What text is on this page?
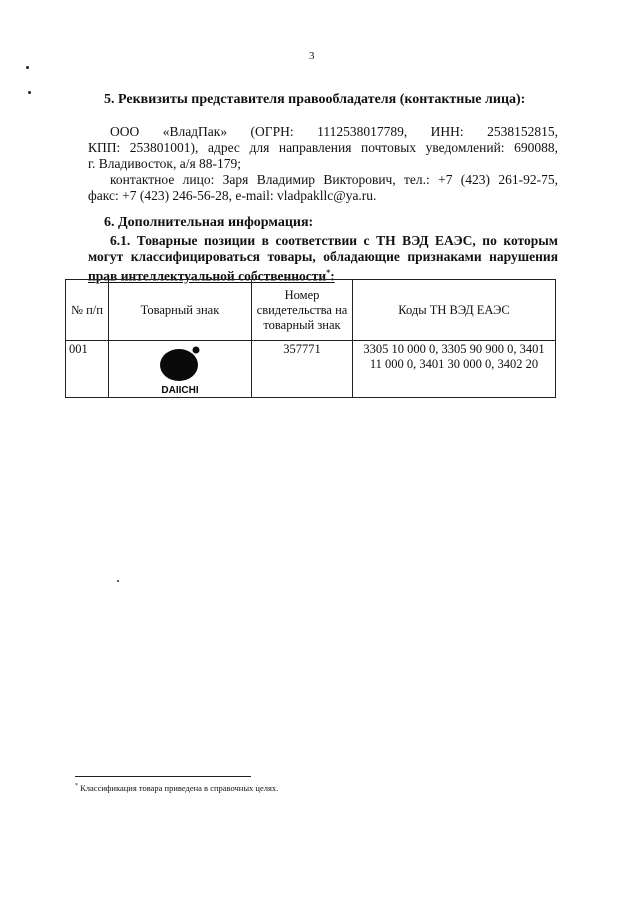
3
5. Реквизиты представителя правообладателя (контактные лица):
ООО «ВладПак» (ОГРН: 1112538017789, ИНН: 2538152815,
КПП: 253801001), адрес для направления почтовых уведомлений: 690088,
г. Владивосток, а/я 88-179;
контактное лицо: Заря Владимир Викторович, тел.: +7 (423) 261-92-75,
факс: +7 (423) 246-56-28, e-mail: vladpakllc@ya.ru.
6. Дополнительная информация:
6.1. Товарные позиции в соответствии с ТН ВЭД ЕАЭС, по которым
могут классифицироваться товары, обладающие признаками нарушения
прав интеллектуальной собственности*:
№ п/п	Товарный знак	Номер свидетельства на товарный знак	Коды ТН ВЭД ЕАЭС
001	DAIICHI	357771	3305 10 000 0, 3305 90 900 0, 3401 11 000 0, 3401 30 000 0, 3402 20
* Классификация товара приведена в справочных целях.
